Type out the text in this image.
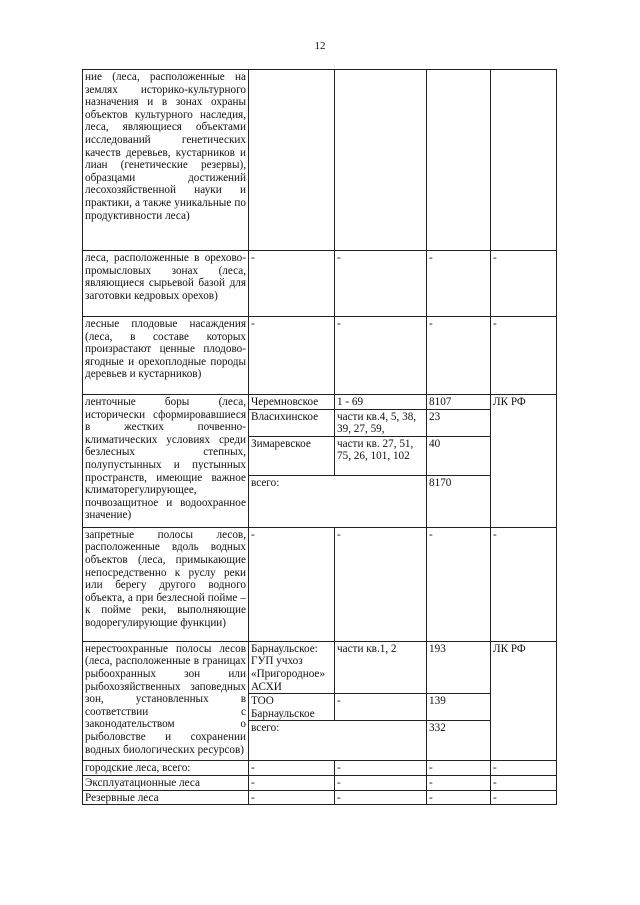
12
ние (леса, расположенные на землях историко-культурного назначения и в зонах охраны объектов культурного наследия, леса, являющиеся объектами исследований генетических качеств деревьев, кустарников и лиан (генетические резервы), образцами достижений лесохозяйственной науки и практики, а также уникальные по продуктивности леса)				
леса, расположенные в орехово-промысловых зонах (леса, являющиеся сырьевой базой для заготовки кедровых орехов)	-	-	-	-
лесные плодовые насаждения (леса, в составе которых произрастают ценные плодово-ягодные и орехоплодные породы деревьев и кустарников)	-	-	-	-
ленточные боры (леса, исторически сформировавшиеся в жестких почвенно-климатических условиях среди безлесных степных, полупустынных и пустынных пространств, имеющие важное климаторегулирующее, почвозащитное и водоохранное значение)	Черемновское	1 - 69	8107	ЛК РФ
	Власихинское	части кв.4, 5, 38, 39, 27, 59,	23	
	Зимаревское	части кв. 27, 51, 75, 26, 101, 102	40	
	всего:		8170	
запретные полосы лесов, расположенные вдоль водных объектов (леса, примыкающие непосредственно к руслу реки или берегу другого водного объекта, а при безлесной пойме – к пойме реки, выполняющие водорегулирующие функции)	-	-	-	-
нерестоохранные полосы лесов (леса, расположенные в границах рыбоохранных зон или рыбохозяйственных заповедных зон, установленных в соответствии с законодательством о рыболовстве и сохранении водных биологических ресурсов)	Барнаульское: ГУП учхоз «Пригородное» АСХИ	части кв.1, 2	193	ЛК РФ
	ТОО Барнаульское	-	139	
	всего:		332	
городские леса, всего:	-	-	-	-
Эксплуатационные леса	-	-	-	-
Резервные леса	-	-	-	-
